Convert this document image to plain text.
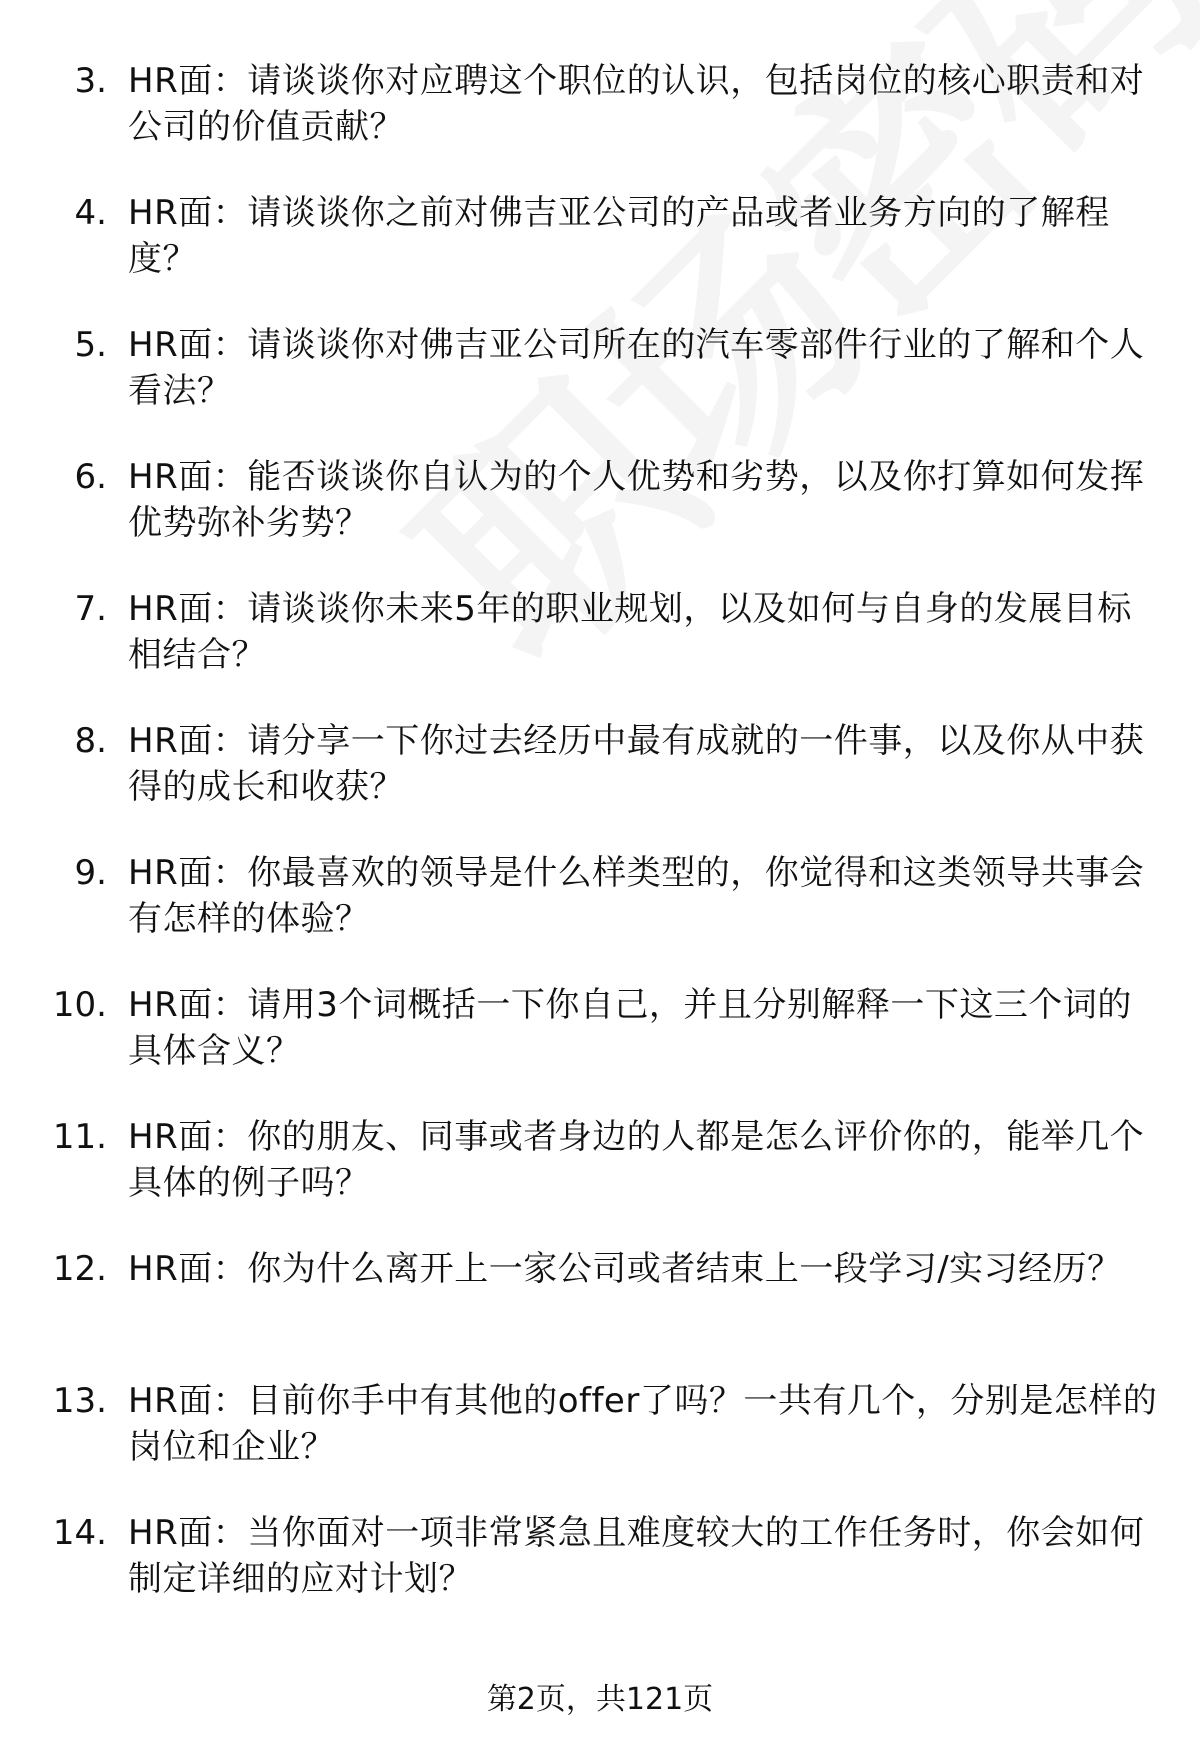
3. HR面：请谈谈你对应聘这个职位的认识，包括岗位的核心职责和对公司的价值贡献？
4. HR面：请谈谈你之前对佛吉亚公司的产品或者业务方向的了解程度？
5. HR面：请谈谈你对佛吉亚公司所在的汽车零部件行业的了解和个人看法？
6. HR面：能否谈谈你自认为的个人优势和劣势，以及你打算如何发挥优势弥补劣势？
7. HR面：请谈谈你未来5年的职业规划，以及如何与自身的发展目标相结合？
8. HR面：请分享一下你过去经历中最有成就的一件事，以及你从中获得的成长和收获？
9. HR面：你最喜欢的领导是什么样类型的，你觉得和这类领导共事会有怎样的体验？
10. HR面：请用3个词概括一下你自己，并且分别解释一下这三个词的具体含义？
11. HR面：你的朋友、同事或者身边的人都是怎么评价你的，能举几个具体的例子吗？
12. HR面：你为什么离开上一家公司或者结束上一段学习/实习经历？
13. HR面：目前你手中有其他的offer了吗？一共有几个，分别是怎样的岗位和企业？
14. HR面：当你面对一项非常紧急且难度较大的工作任务时，你会如何制定详细的应对计划？
第2页，共121页
